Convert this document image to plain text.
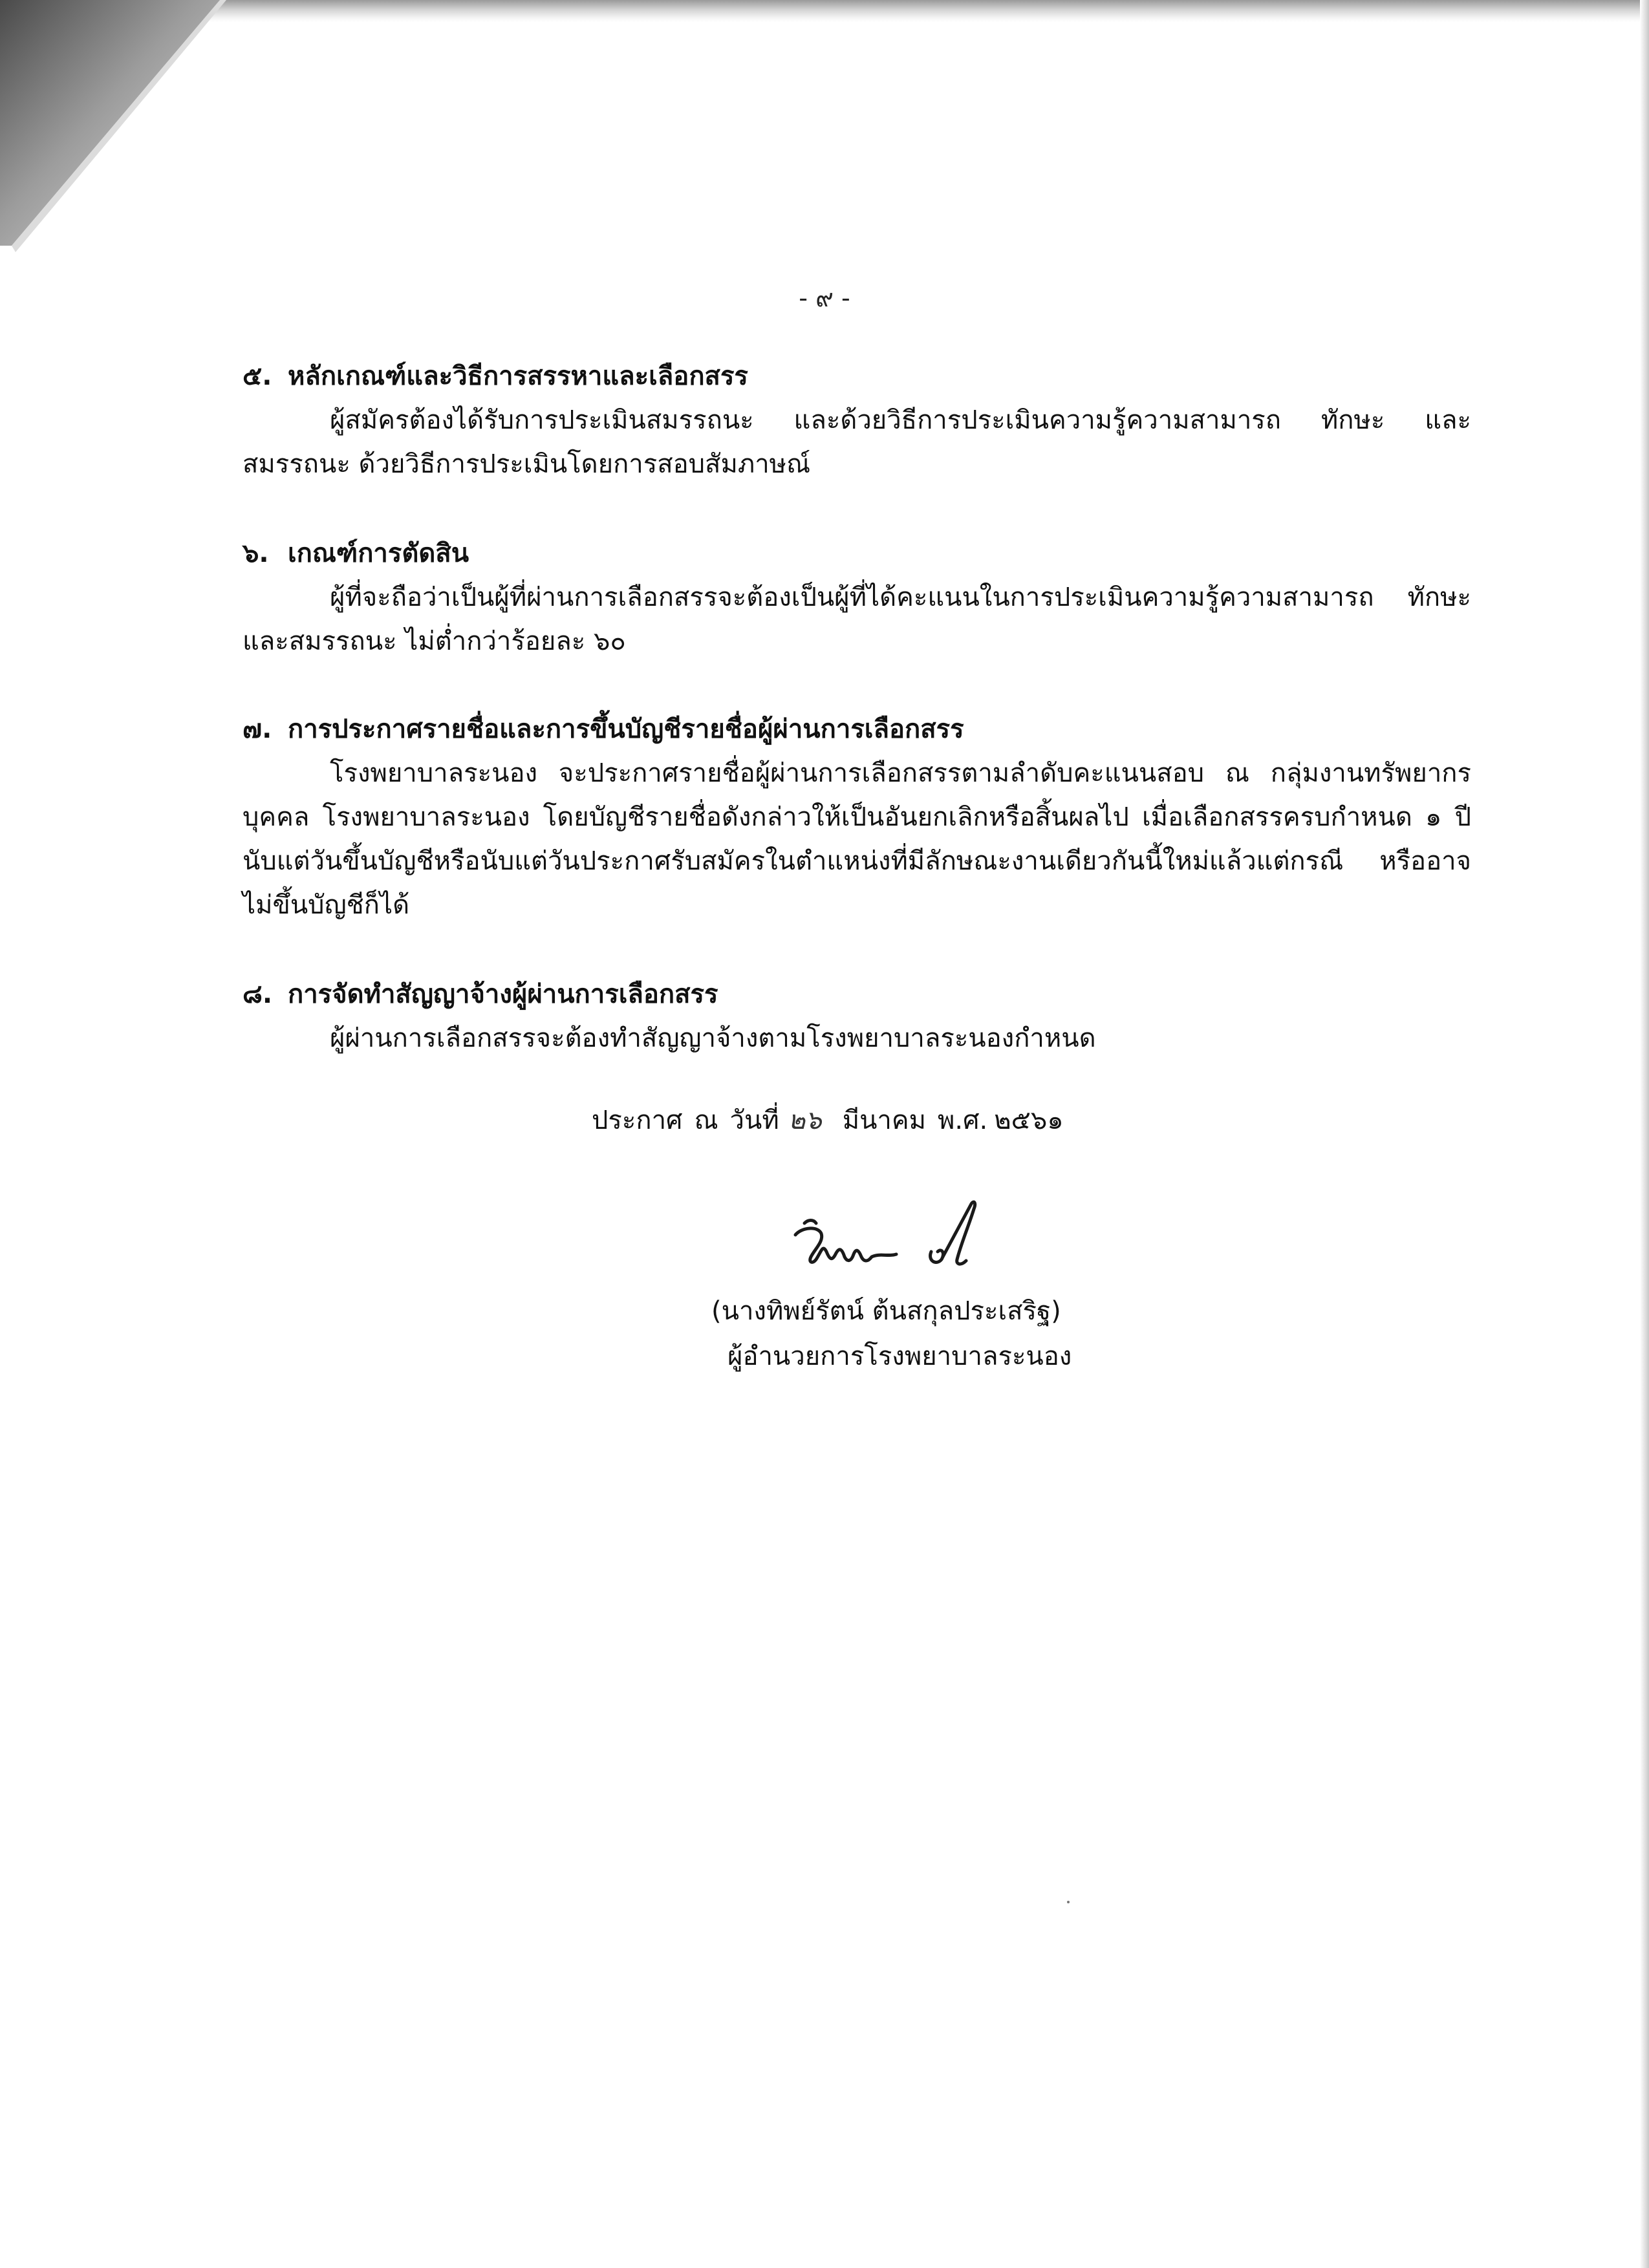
- ๙ -
๕. หลักเกณฑ์และวิธีการสรรหาและเลือกสรร

ผู้สมัครต้องได้รับการประเมินสมรรถนะ และด้วยวิธีการประเมินความรู้ความสามารถ ทักษะ และสมรรถนะ ด้วยวิธีการประเมินโดยการสอบสัมภาษณ์

๖. เกณฑ์การตัดสิน

ผู้ที่จะถือว่าเป็นผู้ที่ผ่านการเลือกสรรจะต้องเป็นผู้ที่ได้คะแนนในการประเมินความรู้ความสามารถ ทักษะ และสมรรถนะ ไม่ต่ำกว่าร้อยละ ๖๐

๗. การประกาศรายชื่อและการขึ้นบัญชีรายชื่อผู้ผ่านการเลือกสรร

โรงพยาบาลระนอง จะประกาศรายชื่อผู้ผ่านการเลือกสรรตามลำดับคะแนนสอบ ณ กลุ่มงานทรัพยากรบุคคล โรงพยาบาลระนอง โดยบัญชีรายชื่อดังกล่าวให้เป็นอันยกเลิกหรือสิ้นผลไป เมื่อเลือกสรรครบกำหนด ๑ ปี นับแต่วันขึ้นบัญชีหรือนับแต่วันประกาศรับสมัครในตำแหน่งที่มีลักษณะงานเดียวกันนี้ใหม่แล้วแต่กรณี หรืออาจไม่ขึ้นบัญชีก็ได้

๘. การจัดทำสัญญาจ้างผู้ผ่านการเลือกสรร

ผู้ผ่านการเลือกสรรจะต้องทำสัญญาจ้างตามโรงพยาบาลระนองกำหนด

ประกาศ ณ วันที่ ๒๖ มีนาคม พ.ศ. ๒๕๖๑
(นางทิพย์รัตน์ ต้นสกุลประเสริฐ)
ผู้อำนวยการโรงพยาบาลระนอง
